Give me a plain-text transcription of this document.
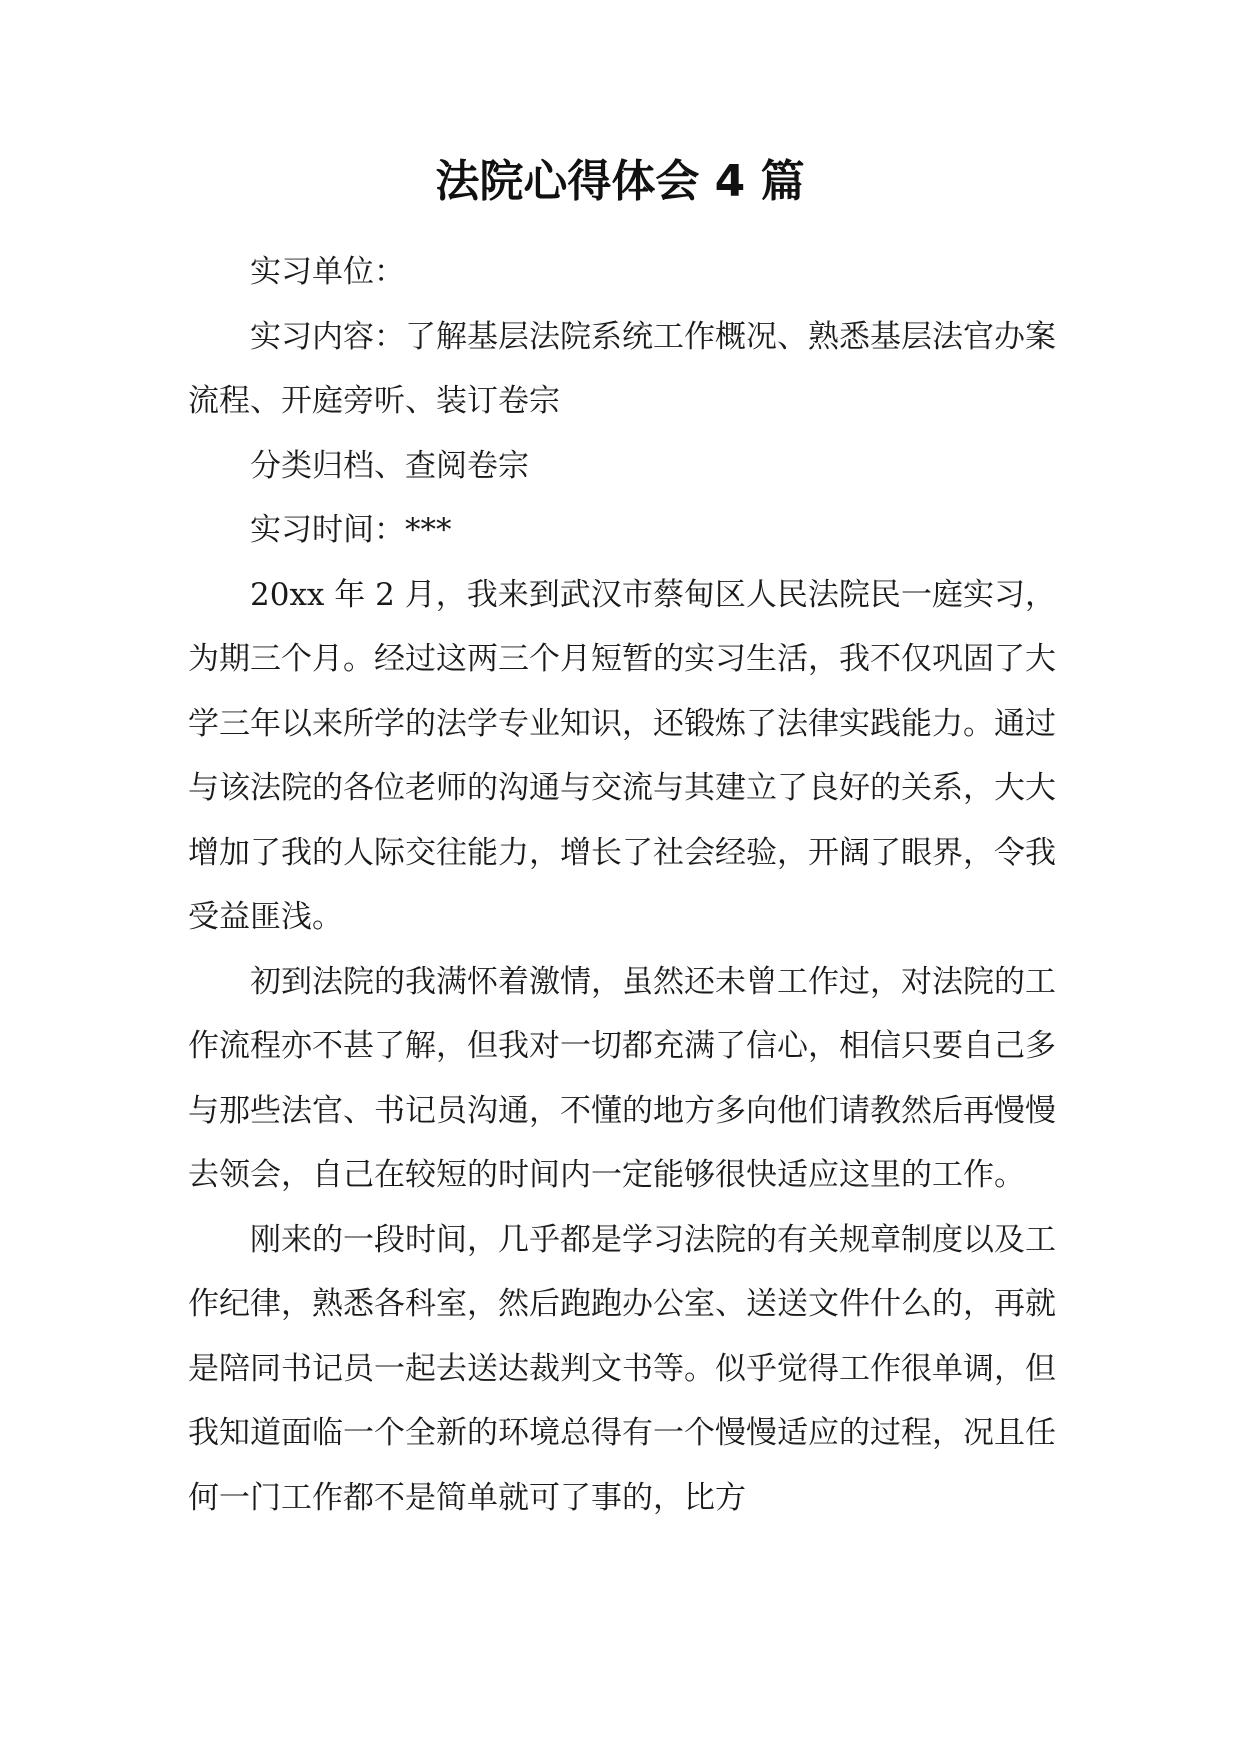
法院心得体会 4 篇

实习单位：

实习内容：了解基层法院系统工作概况、熟悉基层法官办案流程、开庭旁听、装订卷宗

分类归档、查阅卷宗

实习时间：***

20xx 年 2 月，我来到武汉市蔡甸区人民法院民一庭实习，为期三个月。经过这两三个月短暂的实习生活，我不仅巩固了大学三年以来所学的法学专业知识，还锻炼了法律实践能力。通过与该法院的各位老师的沟通与交流与其建立了良好的关系，大大增加了我的人际交往能力，增长了社会经验，开阔了眼界，令我受益匪浅。

初到法院的我满怀着激情，虽然还未曾工作过，对法院的工作流程亦不甚了解，但我对一切都充满了信心，相信只要自己多与那些法官、书记员沟通，不懂的地方多向他们请教然后再慢慢去领会，自己在较短的时间内一定能够很快适应这里的工作。

刚来的一段时间，几乎都是学习法院的有关规章制度以及工作纪律，熟悉各科室，然后跑跑办公室、送送文件什么的，再就是陪同书记员一起去送达裁判文书等。似乎觉得工作很单调，但我知道面临一个全新的环境总得有一个慢慢适应的过程，况且任何一门工作都不是简单就可了事的，比方
